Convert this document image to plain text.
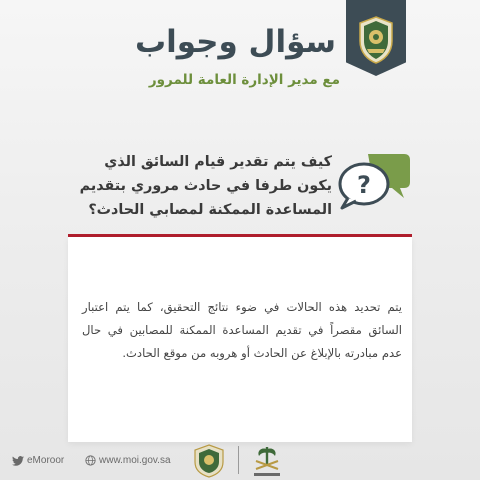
سؤال وجواب
مع مدير الإدارة العامة للمرور
?
كيف يتم تقدير قيام السائق الذي يكون طرفا في حادث مروري بتقديم المساعدة الممكنة لمصابي الحادث؟
يتم تحديد هذه الحالات في ضوء نتائج التحقيق، كما يتم اعتبار السائق مقصراً في تقديم المساعدة الممكنة للمصابين في حال عدم مبادرته بالإبلاغ عن الحادث أو هروبه من موقع الحادث.
eMoroor	www.moi.gov.sa
